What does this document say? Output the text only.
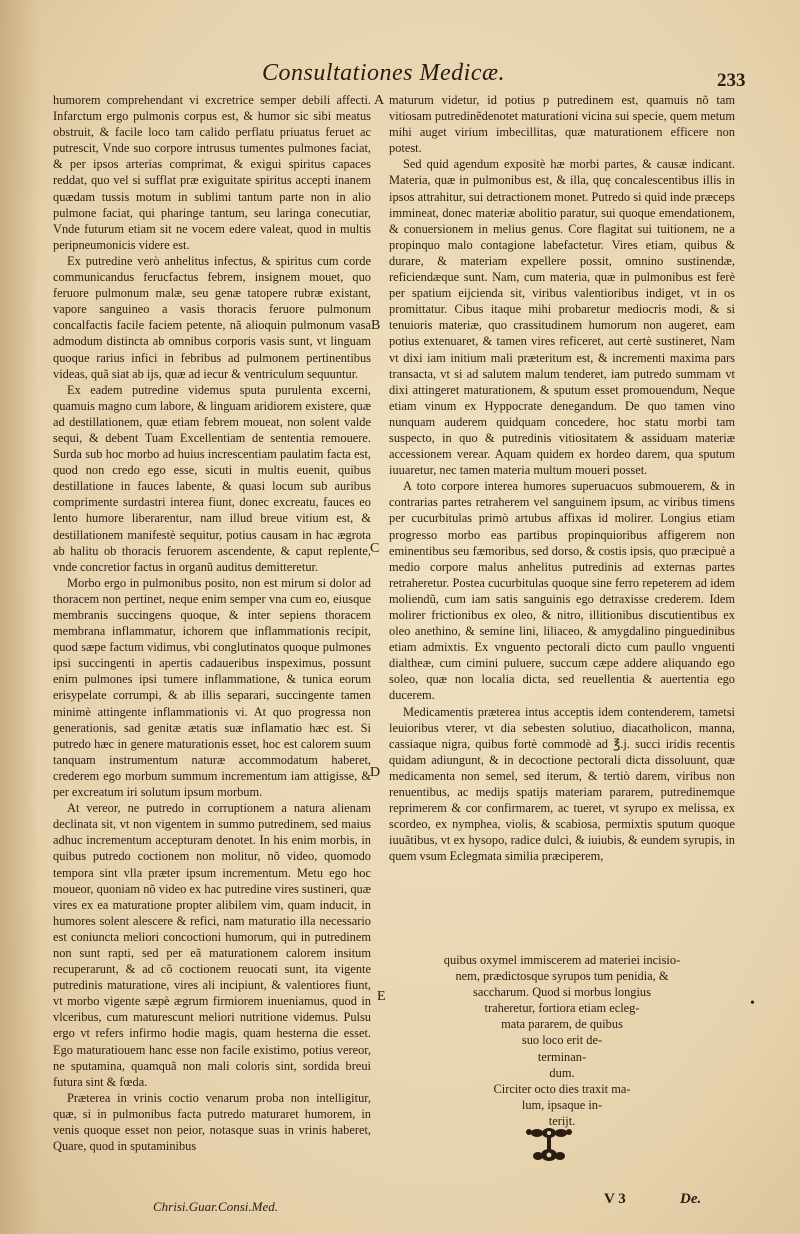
Consultationes Medicæ.	233

humorem comprehendant vi excretrice semper debili affecti. Infarctum ergo pulmonis corpus est, & humor sic sibi meatus obstruit, & facile loco tam calido perflatu priuatus feruet ac putrescit, Vnde suo corpore intrusus tumentes pulmones faciat, & per ipsos arterias comprimat, & exigui spiritus capaces reddat, quo vel si sufflat præ exiguitate spiritus accepti inanem quædam tussis motum in sublimi tantum parte non in alio pulmone faciat, qui pharinge tantum, seu laringa conecutiar, Vnde futurum etiam sit ne vocem edere valeat, quod in multis peripneumonicis videre est.

Ex putredine verò anhelitus infectus, & spiritus cum corde communicandus ferucfactus febrem, insignem mouet, quo feruore pulmonum malæ, seu genæ tatopere rubræ existant, vapore sanguineo a vasis thoracis feruore pulmonum concalfactis facile faciem petente, nã alioquin pulmonum vasa admodum distincta ab omnibus corporis vasis sunt, vt linguam quoque rarius infici in febribus ad pulmonem pertinentibus videas, quã siat ab ijs, quæ ad iecur & ventriculum sequuntur.

Ex eadem putredine videmus sputa purulenta excerni, quamuis magno cum labore, & linguam aridiorem existere, quæ ad destillationem, quæ etiam febrem moueat, non solent valde sequi, & debent Tuam Excellentiam de sententia remouere. Surda sub hoc morbo ad huius increscentiam paulatim facta est, quod non credo ego esse, sicuti in multis euenit, quibus destillatione in fauces labente, & quasi locum sub auribus comprimente surdastri interea fiunt, donec excreatu, fauces eo lento humore liberarentur, nam illud breue vitium est, & destillationem manifestè sequitur, potius causam in hac ægrota ab halitu ob thoracis feruorem ascendente, & caput replente, vnde concretior factus in organũ auditus demitteretur.

Morbo ergo in pulmonibus posito, non est mirum si dolor ad thoracem non pertinet, neque enim semper vna cum eo, eiusque membranis succingens quoque, & inter sepiens thoracem membrana inflammatur, ichorem que inflammationis recipit, quod sæpe factum vidimus, vbi conglutinatos quoque pulmones ipsi succingenti in apertis cadaueribus inspeximus, possunt enim pulmones ipsi tumere inflammatione, & tunica eorum erisypelate corrumpi, & ab illis separari, succingente tamen minimè attingente inflammationis vi. At quo progressa non generationis, sad genitæ ætatis suæ inflamatio hæc est. Si putredo hæc in genere maturationis esset, hoc est calorem suum tanquam instrumentum naturæ accommodatum haberet, crederem ego morbum summum incrementum iam attigisse, & per excreatum iri solutum ipsum morbum.

At vereor, ne putredo in corruptionem a natura alienam declinata sit, vt non vigentem in summo putredinem, sed maius adhuc incrementum accepturam denotet. In his enim morbis, in quibus putredo coctionem non molitur, nõ video, quomodo tempora sint vlla præter ipsum incrementum. Metu ego hoc moueor, quoniam nõ video ex hac putredine vires sustineri, quæ vires ex ea maturatione propter alibilem vim, quam inducit, in humores solent alescere & refici, nam maturatio illa necessario est coniuncta meliori concoctioni humorum, qui in putredinem non sunt rapti, sed per eã maturationem calorem insitum recuperarunt, & ad cõ coctionem reuocati sunt, ita vigente putredinis maturatione, vires ali incipiunt, & valentiores fiunt, vt morbo vigente sæpè ægrum firmiorem inueniamus, quod in vlceribus, cum maturescunt meliori nutritione videmus. Pulsu ergo vt refers infirmo hodie magis, quam hesterna die esset. Ego maturatiouem hanc esse non facile existimo, potius vereor, ne sputamina, quamquã non mali coloris sint, sordida breui futura sint & fœda.

Præterea in vrinis coctio venarum proba non intelligitur, quæ, si in pulmonibus facta putredo maturaret humorem, in venis quoque esset non peior, notasque suas in vrinis haberet, Quare, quod in sputaminibus

A
B
C
D
E

maturum videtur, id potius p putredinem est, quamuis nõ tam vitiosam putredinẽdenotet maturationi vicina sui specie, quem metum mihi auget virium imbecillitas, quæ maturationem efficere non potest.

Sed quid agendum expositè hæ morbi partes, & causæ indicant. Materia, quæ in pulmonibus est, & illa, quę concalescentibus illis in ipsos attrahitur, sui detractionem monet. Putredo si quid inde præceps immineat, donec materiæ abolitio paratur, sui quoque emendationem, & conuersionem in melius genus. Core flagitat sui tuitionem, ne a propinquo malo contagione labefactetur. Vires etiam, quibus & durare, & materiam expellere possit, omnino sustinendæ, reficiendæque sunt. Nam, cum materia, quæ in pulmonibus est ferè per spatium eijcienda sit, viribus valentioribus indiget, vt in os promittatur. Cibus itaque mihi probaretur mediocris modi, & si tenuioris materiæ, quo crassitudinem humorum non augeret, eam potius extenuaret, & tamen vires reficeret, aut certè sustineret, Nam vt dixi iam initium mali præteritum est, & incrementi maxima pars transacta, vt si ad salutem malum tenderet, iam putredo summam vt dixi attingeret maturationem, & sputum esset promouendum, Neque etiam vinum ex Hyppocrate denegandum. De quo tamen vino nunquam auderem quidquam concedere, hoc statu morbi tam suspecto, in quo & putredinis vitiositatem & assiduam materiæ accessionem verear. Aquam quidem ex hordeo darem, qua sputum iuuaretur, nec tamen materia multum moueri posset.

A toto corpore interea humores superuacuos submouerem, & in contrarias partes retraherem vel sanguinem ipsum, ac viribus timens per cucurbitulas primò artubus affixas id molirer. Longius etiam progresso morbo eas partibus propinquioribus affigerem non eminentibus seu fæmoribus, sed dorso, & costis ipsis, quo præcipuè a medio corpore malus anhelitus putredinis ad externas partes retraheretur. Postea cucurbitulas quoque sine ferro repeterem ad idem moliendũ, cum iam satis sanguinis ego detraxisse crederem. Idem molirer frictionibus ex oleo, & nitro, illitionibus discutientibus ex oleo anethino, & semine lini, liliaceo, & amygdalino pinguedinibus etiam admixtis. Ex vnguento pectorali dicto cum paullo vnguenti dialtheæ, cum cimini puluere, succum cæpe addere aliquando ego soleo, quæ non localia dicta, sed reuellentia & auertentia ego ducerem.

Medicamentis præterea intus acceptis idem contenderem, tametsi leuioribus vterer, vt dia sebesten solutiuo, diacatholicon, manna, cassiaque nigra, quibus fortè commodè ad ℥.j. succi iridis recentis quidam adiungunt, & in decoctione pectorali dicta dissoluunt, quæ medicamenta non semel, sed iterum, & tertiò darem, viribus non renuentibus, ac medijs spatijs materiam pararem, putredinemque reprimerem & cor confirmarem, ac tueret, vt syrupo ex melissa, ex scordeo, ex nymphea, violis, & scabiosa, permixtis sputum quoque iuuãtibus, vt ex hysopo, radice dulci, & iuiubis, & eundem syrupis, in quem vsum Eclegmata similia præciperem,

quibus oxymel immiscerem ad materiei incisio-
nem, prædictosque syrupos tum penidia, &
saccharum. Quod si morbus longius
traheretur, fortiora etiam ecleg-
mata pararem, de quibus
suo loco erit de-
terminan-
dum.
Circiter octo dies traxit ma-
lum, ipsaque in-
terijt.
•
Chrisi.Guar.Consi.Med.	V 3	De.
